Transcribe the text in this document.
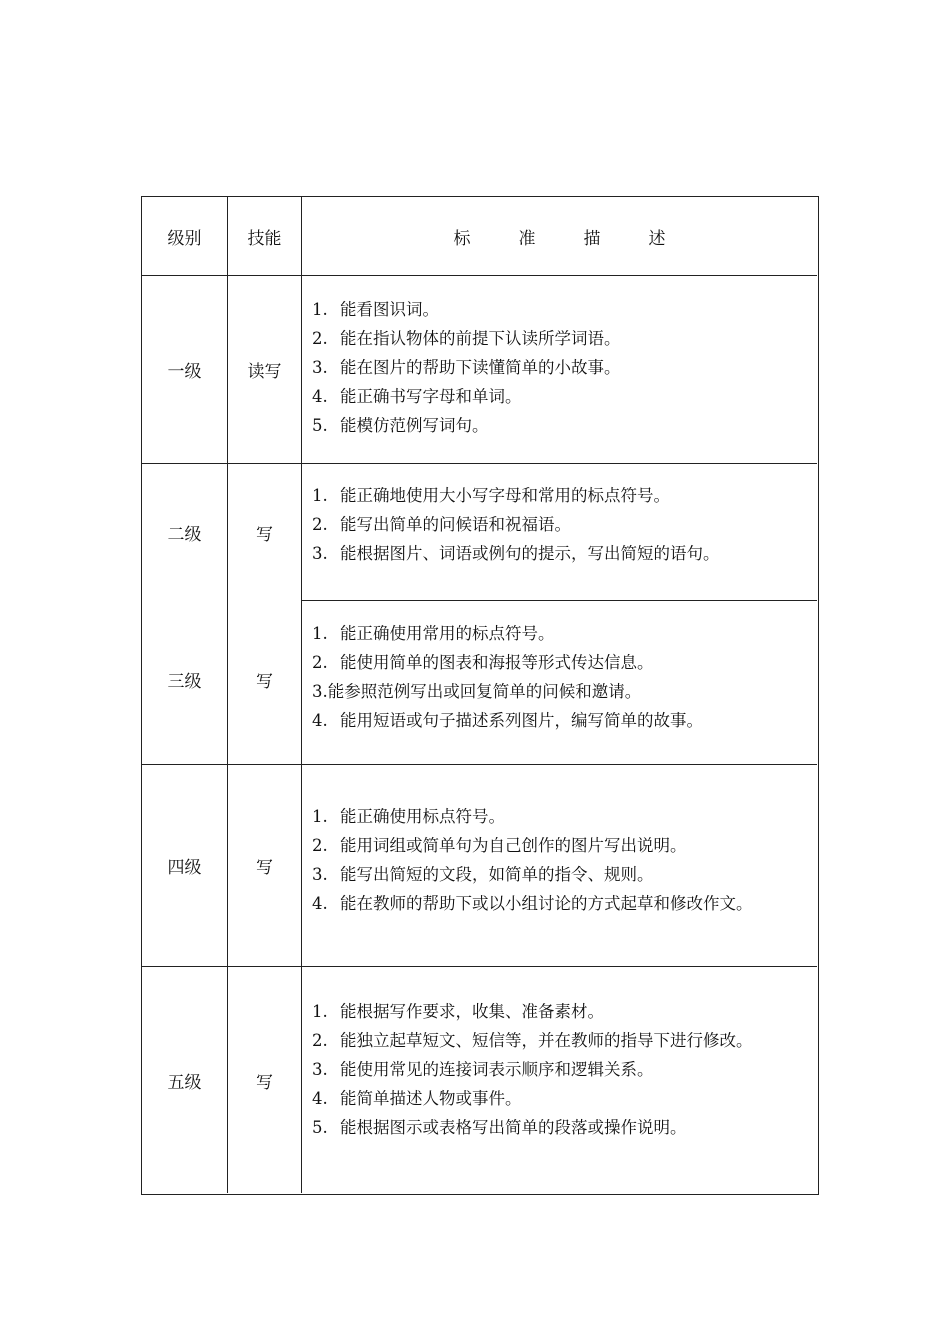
级别	技能	标	准	描	述
一级	读写
1. 能看图识词。
2. 能在指认物体的前提下认读所学词语。
3. 能在图片的帮助下读懂简单的小故事。
4. 能正确书写字母和单词。
5. 能模仿范例写词句。
二级	写
1. 能正确地使用大小写字母和常用的标点符号。
2. 能写出简单的问候语和祝福语。
3. 能根据图片、词语或例句的提示，写出简短的语句。
三级	写
1. 能正确使用常用的标点符号。
2. 能使用简单的图表和海报等形式传达信息。
3.能参照范例写出或回复简单的问候和邀请。
4. 能用短语或句子描述系列图片，编写简单的故事。
四级	写
1. 能正确使用标点符号。
2. 能用词组或简单句为自己创作的图片写出说明。
3. 能写出简短的文段，如简单的指令、规则。
4. 能在教师的帮助下或以小组讨论的方式起草和修改作文。
五级	写
1. 能根据写作要求，收集、准备素材。
2. 能独立起草短文、短信等，并在教师的指导下进行修改。
3. 能使用常见的连接词表示顺序和逻辑关系。
4. 能简单描述人物或事件。
5. 能根据图示或表格写出简单的段落或操作说明。
